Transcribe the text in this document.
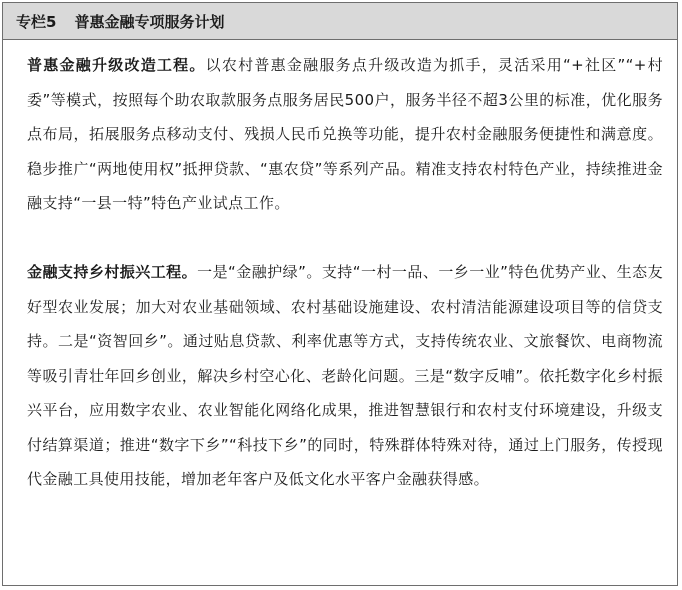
专栏5 普惠金融专项服务计划

普惠金融升级改造工程。以农村普惠金融服务点升级改造为抓手，灵活采用“+社区”“+村委”等模式，按照每个助农取款服务点服务居民500户，服务半径不超3公里的标准，优化服务点布局，拓展服务点移动支付、残损人民币兑换等功能，提升农村金融服务便捷性和满意度。稳步推广“两地使用权”抵押贷款、“惠农贷”等系列产品。精准支持农村特色产业，持续推进金融支持“一县一特”特色产业试点工作。

金融支持乡村振兴工程。一是“金融护绿”。支持“一村一品、一乡一业”特色优势产业、生态友好型农业发展；加大对农业基础领域、农村基础设施建设、农村清洁能源建设项目等的信贷支持。二是“资智回乡”。通过贴息贷款、利率优惠等方式，支持传统农业、文旅餐饮、电商物流等吸引青壮年回乡创业，解决乡村空心化、老龄化问题。三是“数字反哺”。依托数字化乡村振兴平台，应用数字农业、农业智能化网络化成果，推进智慧银行和农村支付环境建设，升级支付结算渠道；推进“数字下乡”“科技下乡”的同时，特殊群体特殊对待，通过上门服务，传授现代金融工具使用技能，增加老年客户及低文化水平客户金融获得感。
